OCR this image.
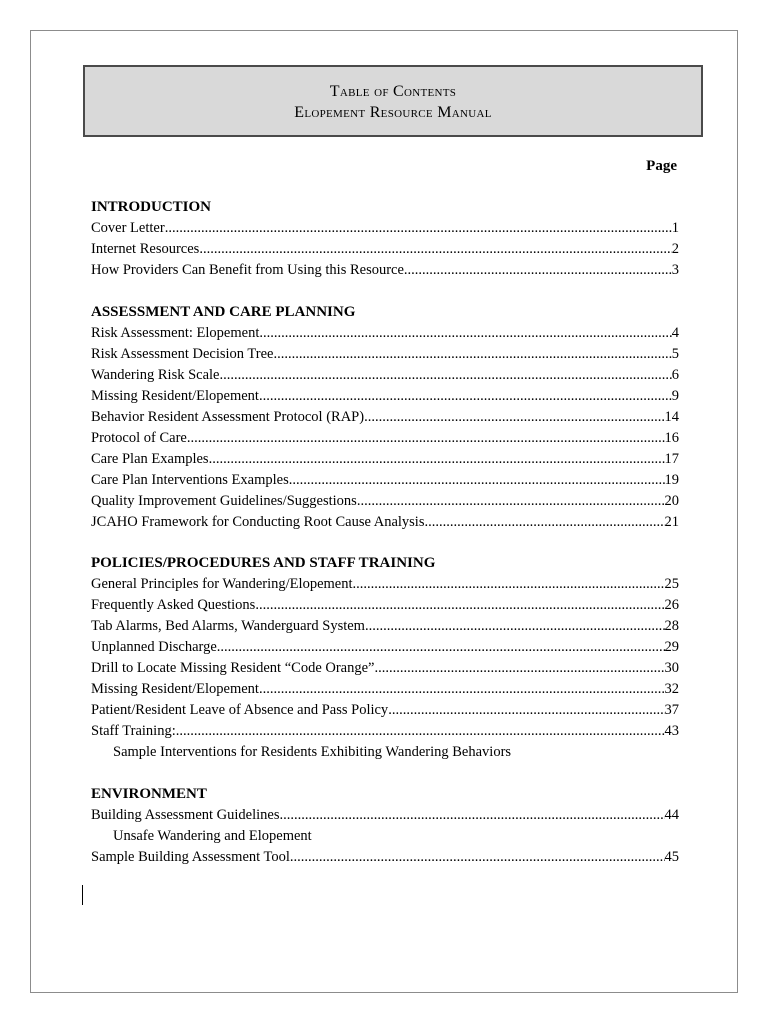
Table of Contents
Elopement Resource Manual
Page
INTRODUCTION
Cover Letter .....	1
Internet Resources .....	2
How Providers Can Benefit from Using this Resource .....	3
ASSESSMENT AND CARE PLANNING
Risk Assessment: Elopement .....	4
Risk Assessment Decision Tree .....	5
Wandering Risk Scale .....	6
Missing Resident/Elopement .....	9
Behavior Resident Assessment Protocol (RAP) .....	14
Protocol of Care .....	16
Care Plan Examples .....	17
Care Plan Interventions Examples .....	19
Quality Improvement Guidelines/Suggestions .....	20
JCAHO Framework for Conducting Root Cause Analysis .....	21
POLICIES/PROCEDURES AND STAFF TRAINING
General Principles for Wandering/Elopement .....	25
Frequently Asked Questions .....	26
Tab Alarms, Bed Alarms, Wanderguard System .....	28
Unplanned Discharge .....	29
Drill to Locate Missing Resident “Code Orange” .....	30
Missing Resident/Elopement .....	32
Patient/Resident Leave of Absence and Pass Policy .....	37
Staff Training: .....	43
Sample Interventions for Residents Exhibiting Wandering Behaviors
ENVIRONMENT
Building Assessment Guidelines .....	44
Unsafe Wandering and Elopement
Sample Building Assessment Tool .....	45
